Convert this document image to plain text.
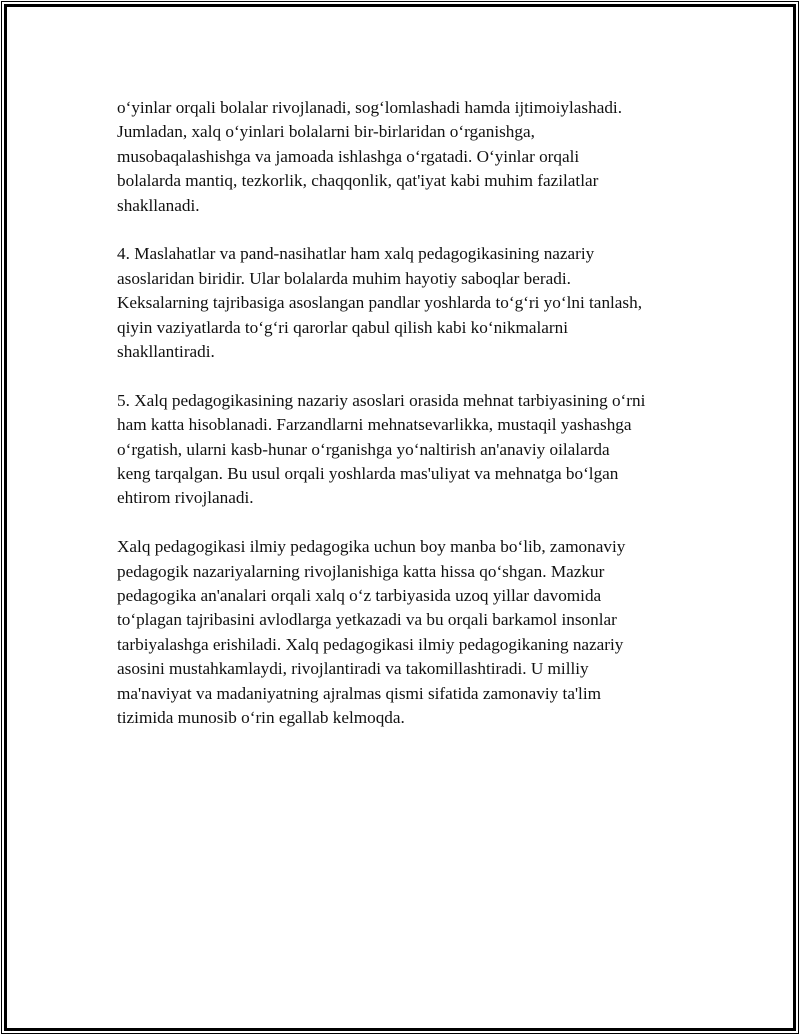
o‘yinlar orqali bolalar rivojlanadi, sog‘lomlashadi hamda ijtimoiylashadi.
Jumladan, xalq o‘yinlari bolalarni bir-birlaridan o‘rganishga,
musobaqalashishga va jamoada ishlashga o‘rgatadi. O‘yinlar orqali
bolalarda mantiq, tezkorlik, chaqqonlik, qat'iyat kabi muhim fazilatlar
shakllanadi.

4. Maslahatlar va pand-nasihatlar ham xalq pedagogikasining nazariy
asoslaridan biridir. Ular bolalarda muhim hayotiy saboqlar beradi.
Keksalarning tajribasiga asoslangan pandlar yoshlarda to‘g‘ri yo‘lni tanlash,
qiyin vaziyatlarda to‘g‘ri qarorlar qabul qilish kabi ko‘nikmalarni
shakllantiradi.

5. Xalq pedagogikasining nazariy asoslari orasida mehnat tarbiyasining o‘rni
ham katta hisoblanadi. Farzandlarni mehnatsevarlikka, mustaqil yashashga
o‘rgatish, ularni kasb-hunar o‘rganishga yo‘naltirish an'anaviy oilalarda
keng tarqalgan. Bu usul orqali yoshlarda mas'uliyat va mehnatga bo‘lgan
ehtirom rivojlanadi.

Xalq pedagogikasi ilmiy pedagogika uchun boy manba bo‘lib, zamonaviy
pedagogik nazariyalarning rivojlanishiga katta hissa qo‘shgan. Mazkur
pedagogika an'analari orqali xalq o‘z tarbiyasida uzoq yillar davomida
to‘plagan tajribasini avlodlarga yetkazadi va bu orqali barkamol insonlar
tarbiyalashga erishiladi. Xalq pedagogikasi ilmiy pedagogikaning nazariy
asosini mustahkamlaydi, rivojlantiradi va takomillashtiradi. U milliy
ma'naviyat va madaniyatning ajralmas qismi sifatida zamonaviy ta'lim
tizimida munosib o‘rin egallab kelmoqda.
